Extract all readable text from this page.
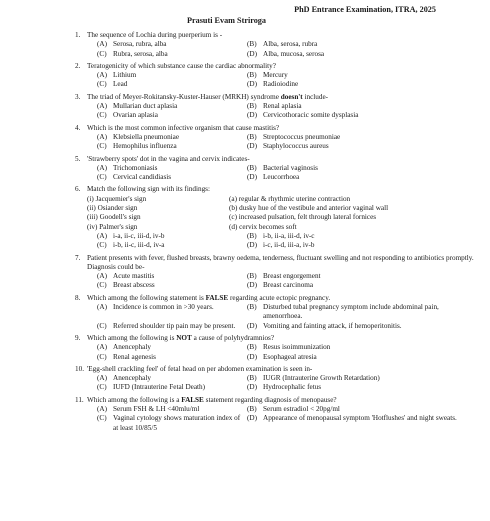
PhD Entrance Examination, ITRA, 2025
Prasuti Evam Striroga
1. The sequence of Lochia during puerperium is -
(A) Serosa, rubra, alba	(B) Alba, serosa, rubra
(C) Rubra, serosa, alba	(D) Alba, mucosa, serosa
2. Teratogenicity of which substance cause the cardiac abnormality?
(A) Lithium	(B) Mercury
(C) Lead	(D) Radioiodine
3. The triad of Meyer-Rokitansky-Kuster-Hauser (MRKH) syndrome doesn't include-
(A) Mullarian duct aplasia	(B) Renal aplasia
(C) Ovarian aplasia	(D) Cervicothoracic somite dysplasia
4. Which is the most common infective organism that cause mastitis?
(A) Klebsiella pneumoniae	(B) Streptococcus pneumoniae
(C) Hemophilus influenza	(D) Staphylococcus aureus
5. 'Strawberry spots' dot in the vagina and cervix indicates-
(A) Trichomoniasis	(B) Bacterial vaginosis
(C) Cervical candidiasis	(D) Leucorrhoea
6. Match the following sign with its findings:
(i) Jacquemier's sign	(a) regular & rhythmic uterine contraction
(ii) Osiander sign	(b) dusky hue of the vestibule and anterior vaginal wall
(iii) Goodell's sign	(c) increased pulsation, felt through lateral fornices
(iv) Palmer's sign	(d) cervix becomes soft
(A) i-a, ii-c, iii-d, iv-b	(B) i-b, ii-a, iii-d, iv-c
(C) i-b, ii-c, iii-d, iv-a	(D) i-c, ii-d, iii-a, iv-b
7. Patient presents with fever, flushed breasts, brawny oedema, tenderness, fluctuant swelling and not responding to antibiotics promptly. Diagnosis could be-
(A) Acute mastitis	(B) Breast engorgement
(C) Breast abscess	(D) Breast carcinoma
8. Which among the following statement is FALSE regarding acute ectopic pregnancy.
(A) Incidence is common in >30 years.	(B) Disturbed tubal pregnancy symptom include abdominal pain, amenorrhoea.
(C) Referred shoulder tip pain may be present.	(D) Vomiting and fainting attack, if hemoperitonitis.
9. Which among the following is NOT a cause of polyhydramnios?
(A) Anencephaly	(B) Resus isoimmunization
(C) Renal agenesis	(D) Esophageal atresia
10. 'Egg-shell crackling feel' of fetal head on per abdomen examination is seen in-
(A) Anencephaly	(B) IUGR (Intrauterine Growth Retardation)
(C) IUFD (Intrauterine Fetal Death)	(D) Hydrocephalic fetus
11. Which among the following is a FALSE statement regarding diagnosis of menopause?
(A) Serum FSH & LH <40mlu/ml	(B) Serum estradiol < 20pg/ml
(C) Vaginal cytology shows maturation index of at least 10/85/5
(D) Appearance of menopausal symptom 'Hotflushes' and night sweats.
